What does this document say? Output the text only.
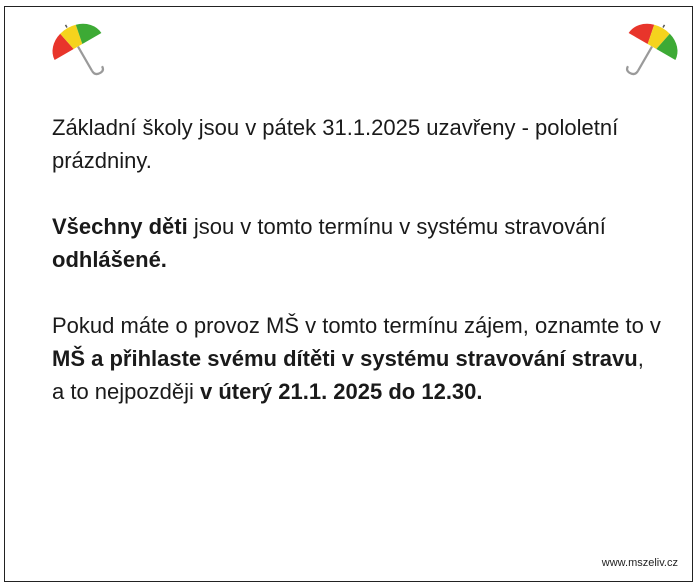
Základní školy jsou v pátek 31.1.2025 uzavřeny - pololetní prázdniny.

Všechny děti jsou v tomto termínu v systému stravování odhlášené.

Pokud máte o provoz MŠ v tomto termínu zájem, oznamte to v MŠ a přihlaste svému dítěti v systému stravování stravu, a to nejpozději v úterý 21.1. 2025 do 12.30.

www.mszeliv.cz
